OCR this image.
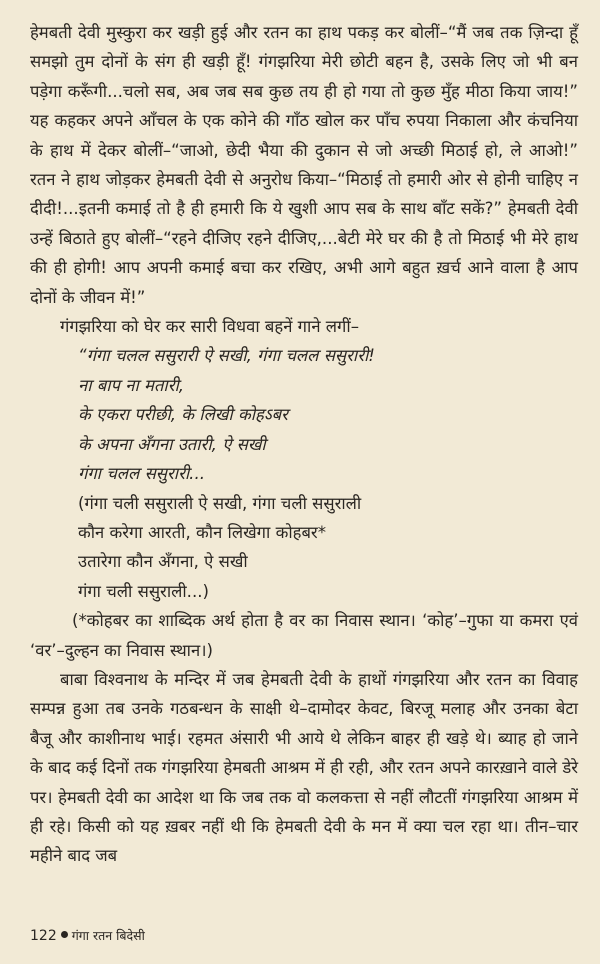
हेमबती देवी मुस्कुरा कर खड़ी हुई और रतन का हाथ पकड़ कर बोलीं–“मैं जब तक ज़िन्दा हूँ समझो तुम दोनों के संग ही खड़ी हूँ! गंगझरिया मेरी छोटी बहन है, उसके लिए जो भी बन पड़ेगा करूँगी...चलो सब, अब जब सब कुछ तय ही हो गया तो कुछ मुँह मीठा किया जाय!” यह कहकर अपने आँचल के एक कोने की गाँठ खोल कर पाँच रुपया निकाला और कंचनिया के हाथ में देकर बोलीं–“जाओ, छेदी भैया की दुकान से जो अच्छी मिठाई हो, ले आओ!” रतन ने हाथ जोड़कर हेमबती देवी से अनुरोध किया–“मिठाई तो हमारी ओर से होनी चाहिए न दीदी!...इतनी कमाई तो है ही हमारी कि ये खुशी आप सब के साथ बाँट सकें?” हेमबती देवी उन्हें बिठाते हुए बोलीं–“रहने दीजिए रहने दीजिए,...बेटी मेरे घर की है तो मिठाई भी मेरे हाथ की ही होगी! आप अपनी कमाई बचा कर रखिए, अभी आगे बहुत ख़र्च आने वाला है आप दोनों के जीवन में!”

गंगझरिया को घेर कर सारी विधवा बहनें गाने लगीं–

“गंगा चलल ससुरारी ऐ सखी, गंगा चलल ससुरारी!
ना बाप ना मतारी,
के एकरा परीछी, के लिखी कोहऽबर
के अपना अँगना उतारी, ऐ सखी
गंगा चलल ससुरारी...
(गंगा चली ससुराली ऐ सखी, गंगा चली ससुराली
कौन करेगा आरती, कौन लिखेगा कोहबर*
उतारेगा कौन अँगना, ऐ सखी
गंगा चली ससुराली...)

(*कोहबर का शाब्दिक अर्थ होता है वर का निवास स्थान। ‘कोह’–गुफा या कमरा एवं ‘वर’–दुल्हन का निवास स्थान।)

बाबा विश्वनाथ के मन्दिर में जब हेमबती देवी के हाथों गंगझरिया और रतन का विवाह सम्पन्न हुआ तब उनके गठबन्धन के साक्षी थे–दामोदर केवट, बिरजू मलाह और उनका बेटा बैजू और काशीनाथ भाई। रहमत अंसारी भी आये थे लेकिन बाहर ही खड़े थे। ब्याह हो जाने के बाद कई दिनों तक गंगझरिया हेमबती आश्रम में ही रही, और रतन अपने कारख़ाने वाले डेरे पर। हेमबती देवी का आदेश था कि जब तक वो कलकत्ता से नहीं लौटतीं गंगझरिया आश्रम में ही रहे। किसी को यह ख़बर नहीं थी कि हेमबती देवी के मन में क्या चल रहा था। तीन–चार महीने बाद जब

122 गंगा रतन बिदेसी
